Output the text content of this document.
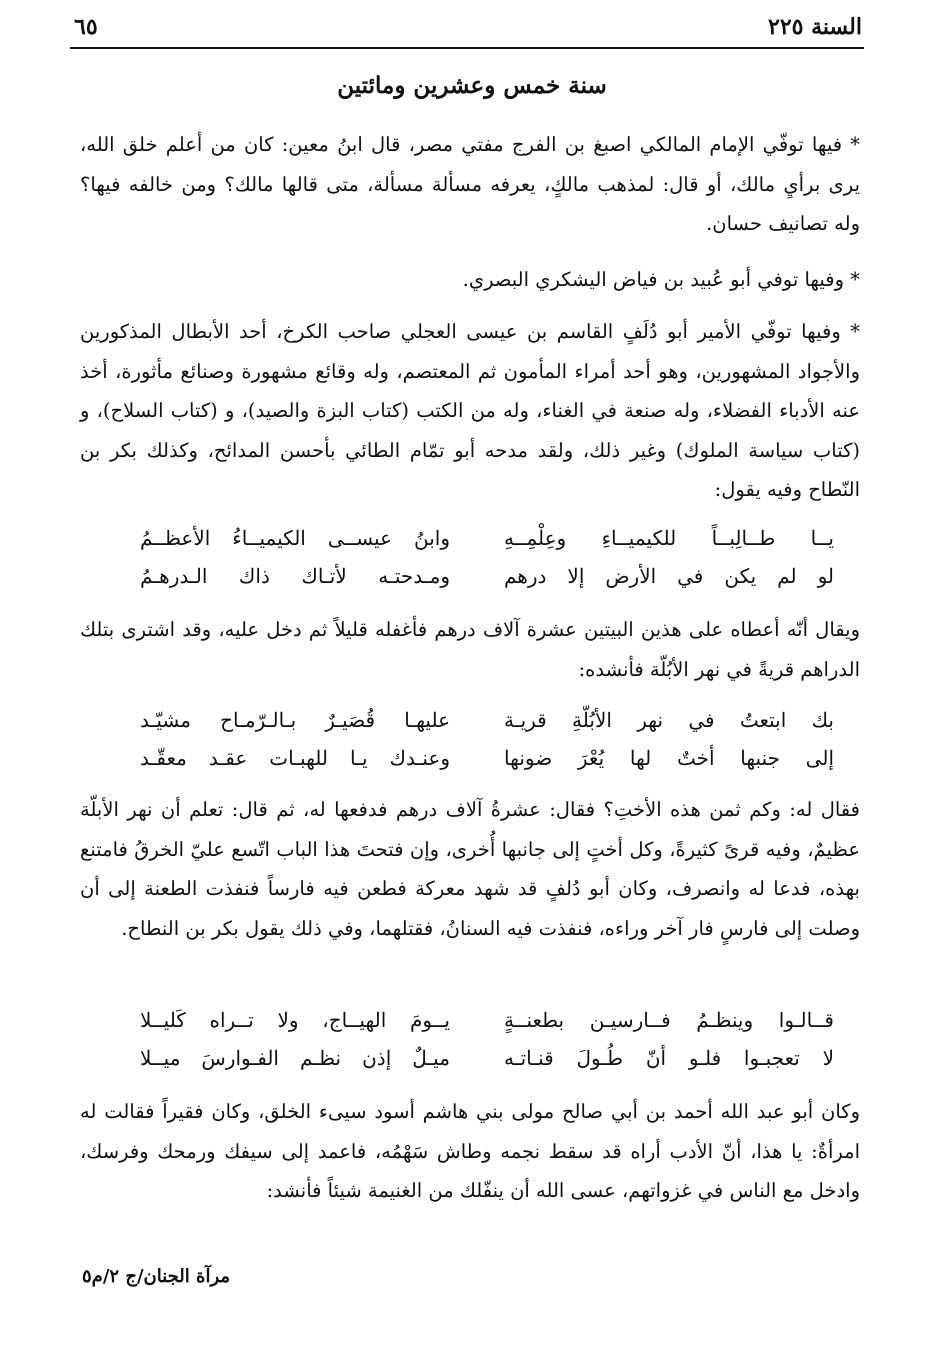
السنة ٢٢٥
٦٥
سنة خمس وعشرين ومائتين
* فيها توفّي الإمام المالكي اصبغ بن الفرج مفتي مصر، قال ابنُ معين: كان من أعلم خلق الله، يرى برأيِ مالك، أو قال: لمذهب مالكٍ، يعرفه مسألة مسألة، متى قالها مالك؟ ومن خالفه فيها؟ وله تصانيف حسان.
* وفيها توفي أبو عُبيد بن فياض اليشكري البصري.
* وفيها توفّي الأمير أبو دُلَفٍ القاسم بن عيسى العجلي صاحب الكرخ، أحد الأبطال المذكورين والأجواد المشهورين، وهو أحد أمراء المأمون ثم المعتصم، وله وقائع مشهورة وصنائع مأثورة، أخذ عنه الأدباء الفضلاء، وله صنعة في الغناء، وله من الكتب (كتاب البزة والصيد)، و (كتاب السلاح)، و (كتاب سياسة الملوك) وغير ذلك، ولقد مدحه أبو تمّام الطائي بأحسن المدائح، وكذلك بكر بن النّطاح وفيه يقول:
يــا طــالِبــاً للكيميــاءِ وعِلْمِــهِ
وابنُ عيســى الكيميــاءُ الأعظــمُ
لو لم يكن في الأرض إلا درهم
ومـدحتـه لأتـاك ذاك الـدرهـمُ
ويقال أنّه أعطاه على هذين البيتين عشرة آلاف درهم فأغفله قليلاً ثم دخل عليه، وقد اشترى بتلك الدراهم قريةً في نهر الأبُلّة فأنشده:
بك ابتعتُ في نهر الأبُلّةِ قريـة
عليهـا قُصَيـرٌ بـالـرّمـاح مشيّـد
إلى جنبها أختٌ لها يُعْرَ ضونها
وعنـدك يـا للهبـات عقـد معقّـد
فقال له: وكم ثمن هذه الأختِ؟ فقال: عشرةُ آلاف درهم فدفعها له، ثم قال: تعلم أن نهر الأبلّة عظيمٌ، وفيه قرىً كثيرةً، وكل أختٍ إلى جانبها أُخرى، وإن فتحتَ هذا الباب اتّسع عليّ الخرقُ فامتنع بهذه، فدعا له وانصرف، وكان أبو دُلفٍ قد شهد معركة فطعن فيه فارساً فنفذت الطعنة إلى أن وصلت إلى فارسٍ فار آخر وراءه، فنفذت فيه السنانُ، فقتلهما، وفي ذلك يقول بكر بن النطاح.
قــالـوا وينظـمُ فــارسيـن بطعنــةٍ
يــومَ الهيــاج، ولا تــراه كَليــلا
لا تعجبـوا فلـو أنّ طُـولَ قنـاتـه
ميـلٌ إذن نظـم الفـوارسَ ميــلا
وكان أبو عبد الله أحمد بن أبي صالح مولى بني هاشم أسود سيىء الخلق، وكان فقيراً فقالت له امرأةٌ: يا هذا، أنّ الأدب أراه قد سقط نجمه وطاش سَهْمُه، فاعمد إلى سيفك ورمحك وفرسك، وادخل مع الناس في غزواتهم، عسى الله أن ينفّلك من الغنيمة شيئاً فأنشد:
مرآة الجنان/ج ٢/م٥
